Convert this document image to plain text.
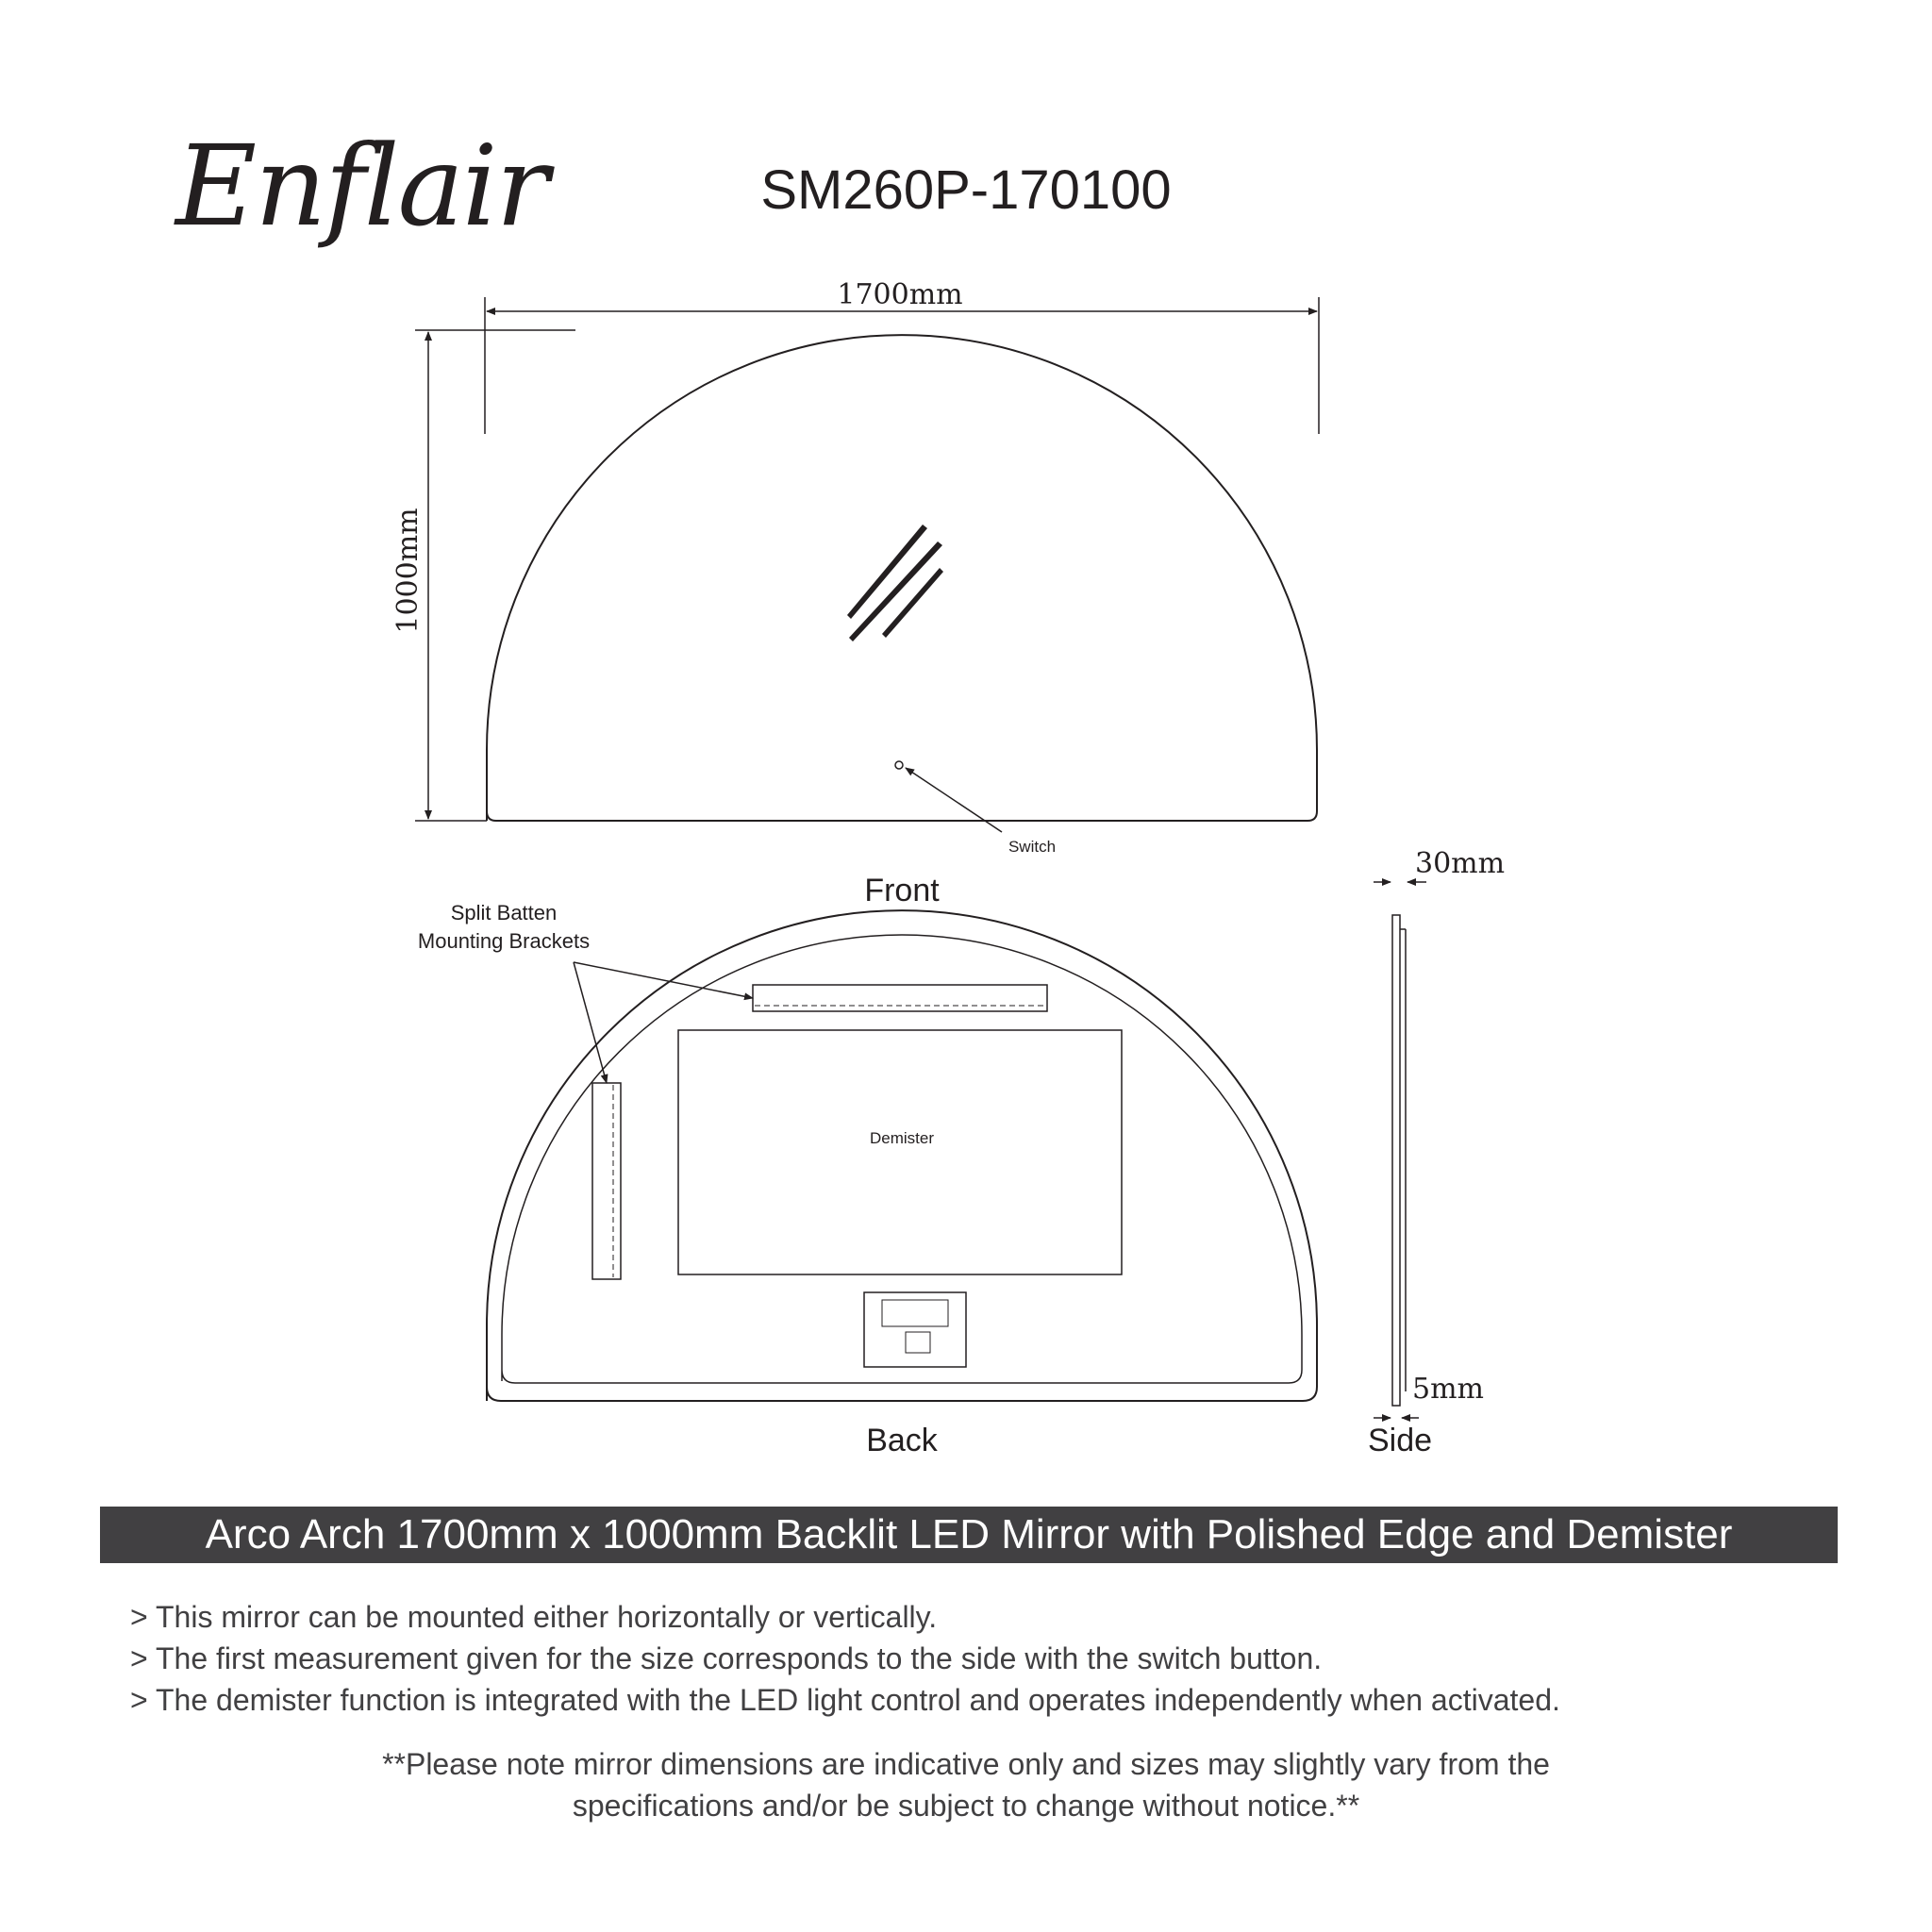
Enflair	SM260P-170100
1700mm
1000mm
Switch
Front
Split Batten
Mounting Brackets
Demister
Back
30mm
5mm
Side
Arco Arch 1700mm x 1000mm Backlit LED Mirror with Polished Edge and Demister
> This mirror can be mounted either horizontally or vertically.
> The first measurement given for the size corresponds to the side with the switch button.
> The demister function is integrated with the LED light control and operates independently when activated.
**Please note mirror dimensions are indicative only and sizes may slightly vary from the
specifications and/or be subject to change without notice.**
